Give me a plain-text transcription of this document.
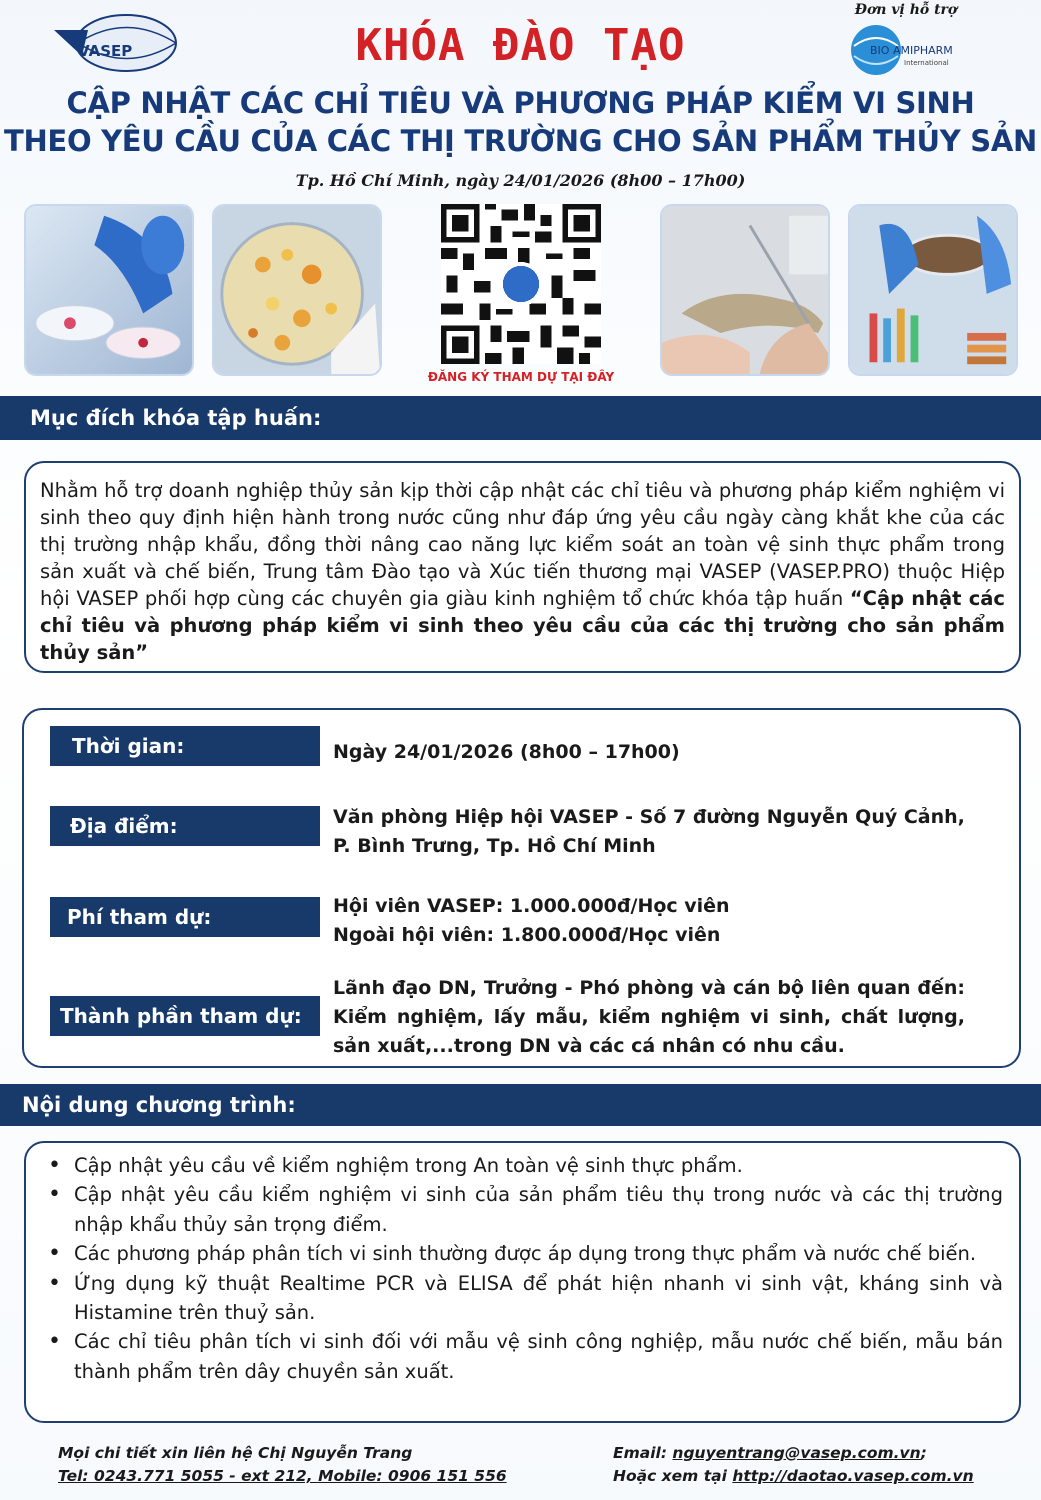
VASEP
Đơn vị hỗ trợ
BIO AMIPHARM
International
KHÓA ĐÀO TẠO
CẬP NHẬT CÁC CHỈ TIÊU VÀ PHƯƠNG PHÁP KIỂM VI SINH
THEO YÊU CẦU CỦA CÁC THỊ TRƯỜNG CHO SẢN PHẨM THỦY SẢN
Tp. Hồ Chí Minh, ngày 24/01/2026 (8h00 – 17h00)
ĐĂNG KÝ THAM DỰ TẠI ĐÂY
Mục đích khóa tập huấn:

Nhằm hỗ trợ doanh nghiệp thủy sản kịp thời cập nhật các chỉ tiêu và phương pháp kiểm nghiệm vi sinh theo quy định hiện hành trong nước cũng như đáp ứng yêu cầu ngày càng khắt khe của các thị trường nhập khẩu, đồng thời nâng cao năng lực kiểm soát an toàn vệ sinh thực phẩm trong sản xuất và chế biến, Trung tâm Đào tạo và Xúc tiến thương mại VASEP (VASEP.PRO) thuộc Hiệp hội VASEP phối hợp cùng các chuyên gia giàu kinh nghiệm tổ chức khóa tập huấn “Cập nhật các chỉ tiêu và phương pháp kiểm vi sinh theo yêu cầu của các thị trường cho sản phẩm thủy sản”

Thời gian:	Ngày 24/01/2026 (8h00 – 17h00)
Địa điểm:	Văn phòng Hiệp hội VASEP - Số 7 đường Nguyễn Quý Cảnh,
P. Bình Trưng, Tp. Hồ Chí Minh
Phí tham dự:	Hội viên VASEP: 1.000.000đ/Học viên
Ngoài hội viên: 1.800.000đ/Học viên
Thành phần tham dự:
Lãnh đạo DN, Trưởng - Phó phòng và cán bộ liên quan đến: Kiểm nghiệm, lấy mẫu, kiểm nghiệm vi sinh, chất lượng, sản xuất,...trong DN và các cá nhân có nhu cầu.
Nội dung chương trình:
• Cập nhật yêu cầu về kiểm nghiệm trong An toàn vệ sinh thực phẩm.
• Cập nhật yêu cầu kiểm nghiệm vi sinh của sản phẩm tiêu thụ trong nước và các thị trường nhập khẩu thủy sản trọng điểm.
• Các phương pháp phân tích vi sinh thường được áp dụng trong thực phẩm và nước chế biến.
• Ứng dụng kỹ thuật Realtime PCR và ELISA để phát hiện nhanh vi sinh vật, kháng sinh và Histamine trên thuỷ sản.
• Các chỉ tiêu phân tích vi sinh đối với mẫu vệ sinh công nghiệp, mẫu nước chế biến, mẫu bán thành phẩm trên dây chuyền sản xuất.
Mọi chi tiết xin liên hệ Chị Nguyễn Trang
Tel: 0243.771 5055 - ext 212, Mobile: 0906 151 556
Email: nguyentrang@vasep.com.vn;
Hoặc xem tại http://daotao.vasep.com.vn
